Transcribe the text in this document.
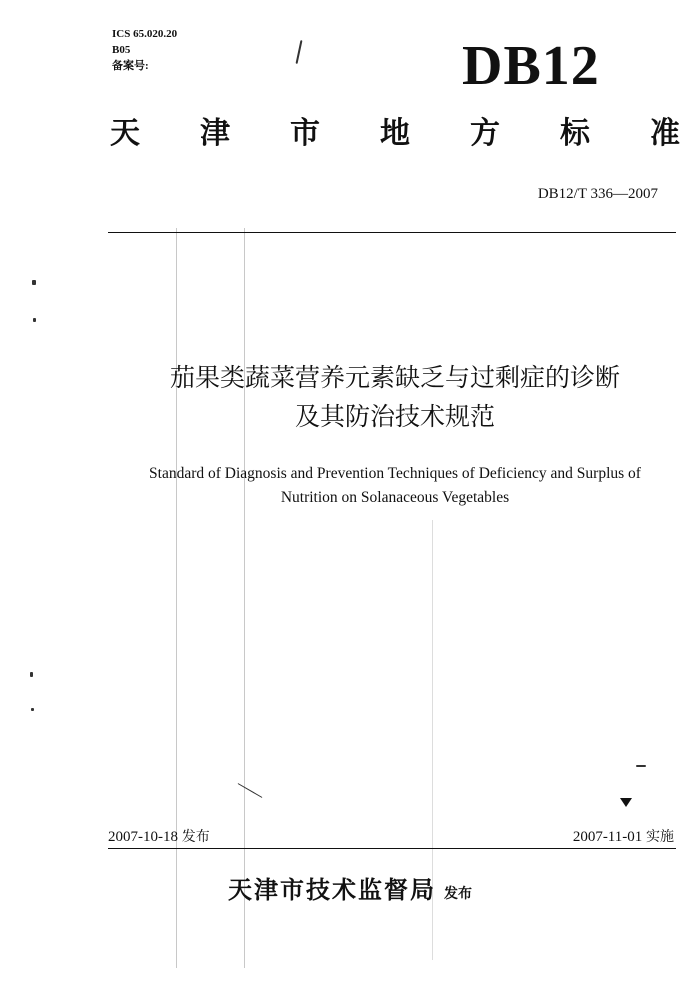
ICS 65.020.20
B05
备案号:	DB12
天 津 市 地 方 标 准
DB12/T 336—2007
茄果类蔬菜营养元素缺乏与过剩症的诊断
及其防治技术规范
Standard of Diagnosis and Prevention Techniques of Deficiency and Surplus of
Nutrition on Solanaceous Vegetables
2007-10-18 发布	2007-11-01 实施
天津市技术监督局 发布
